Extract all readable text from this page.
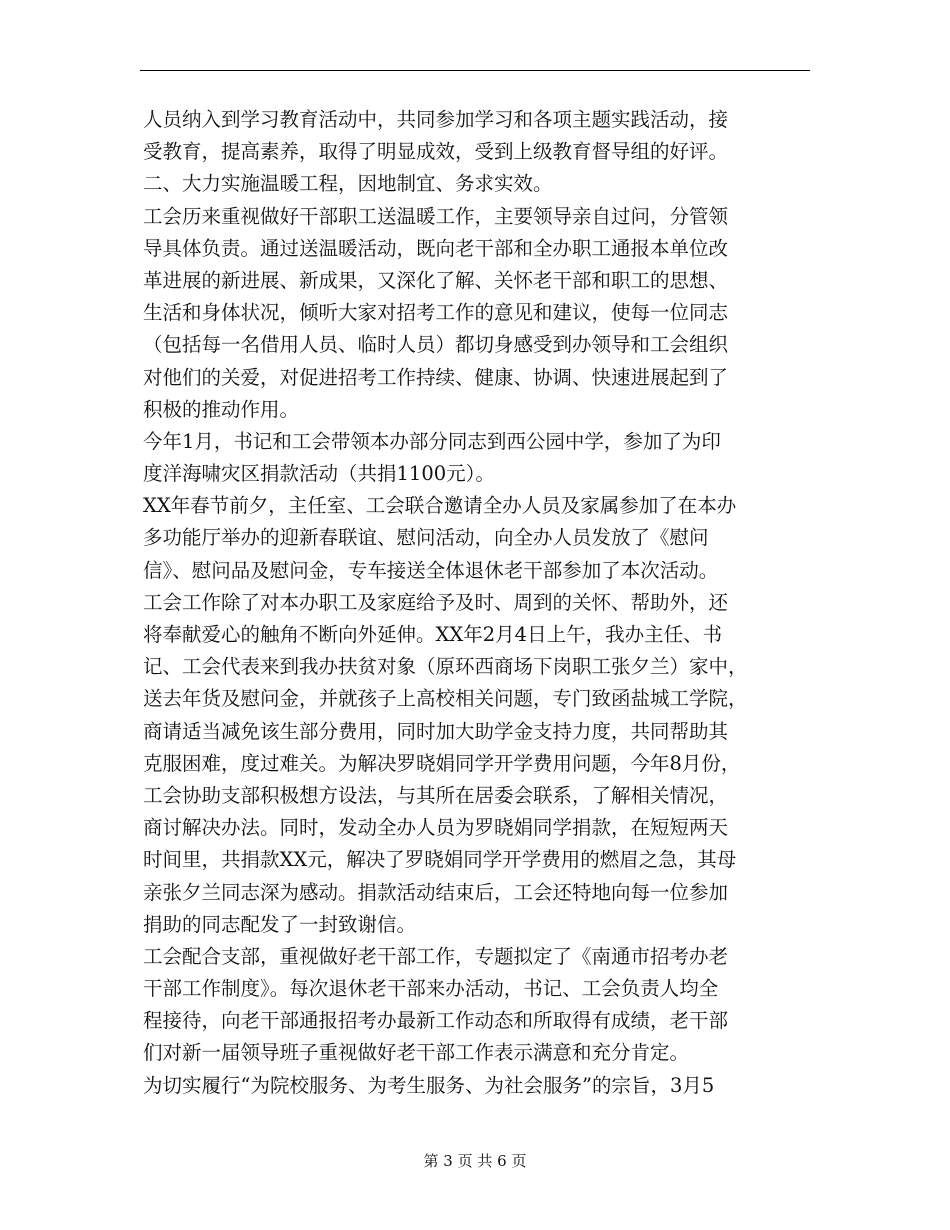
人员纳入到学习教育活动中，共同参加学习和各项主题实践活动，接
受教育，提高素养，取得了明显成效，受到上级教育督导组的好评。
二、大力实施温暖工程，因地制宜、务求实效。
工会历来重视做好干部职工送温暖工作，主要领导亲自过问，分管领
导具体负责。通过送温暖活动，既向老干部和全办职工通报本单位改
革进展的新进展、新成果，又深化了解、关怀老干部和职工的思想、
生活和身体状况，倾听大家对招考工作的意见和建议，使每一位同志
（包括每一名借用人员、临时人员）都切身感受到办领导和工会组织
对他们的关爱，对促进招考工作持续、健康、协调、快速进展起到了
积极的推动作用。
今年1月，书记和工会带领本办部分同志到西公园中学，参加了为印
度洋海啸灾区捐款活动（共捐1100元）。
XX年春节前夕，主任室、工会联合邀请全办人员及家属参加了在本办
多功能厅举办的迎新春联谊、慰问活动，向全办人员发放了《慰问
信》、慰问品及慰问金，专车接送全体退休老干部参加了本次活动。
工会工作除了对本办职工及家庭给予及时、周到的关怀、帮助外，还
将奉献爱心的触角不断向外延伸。XX年2月4日上午，我办主任、书
记、工会代表来到我办扶贫对象（原环西商场下岗职工张夕兰）家中，
送去年货及慰问金，并就孩子上高校相关问题，专门致函盐城工学院，
商请适当减免该生部分费用，同时加大助学金支持力度，共同帮助其
克服困难，度过难关。为解决罗晓娟同学开学费用问题，今年8月份，
工会协助支部积极想方设法，与其所在居委会联系，了解相关情况，
商讨解决办法。同时，发动全办人员为罗晓娟同学捐款，在短短两天
时间里，共捐款XX元，解决了罗晓娟同学开学费用的燃眉之急，其母
亲张夕兰同志深为感动。捐款活动结束后，工会还特地向每一位参加
捐助的同志配发了一封致谢信。
工会配合支部，重视做好老干部工作，专题拟定了《南通市招考办老
干部工作制度》。每次退休老干部来办活动，书记、工会负责人均全
程接待，向老干部通报招考办最新工作动态和所取得有成绩，老干部
们对新一届领导班子重视做好老干部工作表示满意和充分肯定。
为切实履行“为院校服务、为考生服务、为社会服务”的宗旨，3月5
第 3 页 共 6 页
